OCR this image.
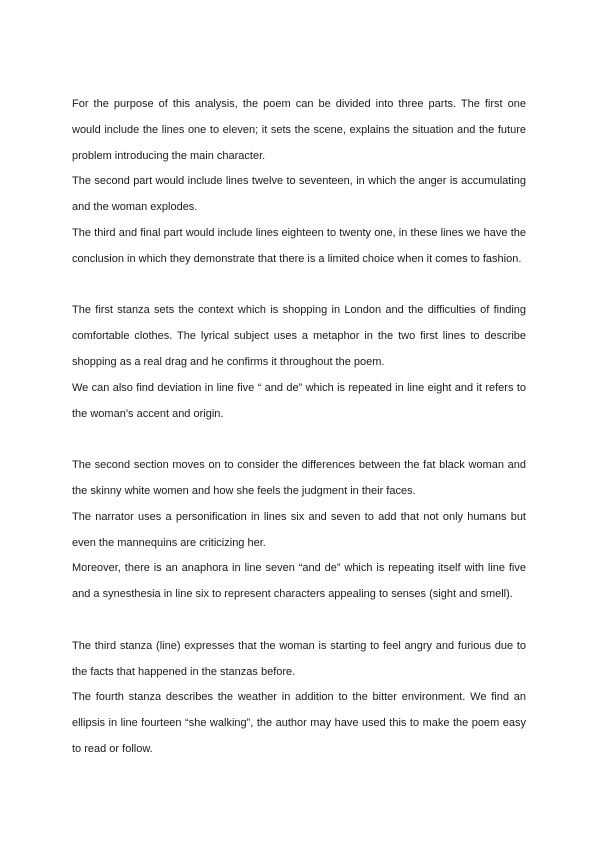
For the purpose of this analysis, the poem can be divided into three parts. The first one would include the lines one to eleven; it sets the scene, explains the situation and the future problem introducing the main character.

The second part would include lines twelve to seventeen, in which the anger is accumulating and the woman explodes.

The third and final part would include lines eighteen to twenty one, in these lines we have the conclusion in which they demonstrate that there is a limited choice when it comes to fashion.

The first stanza sets the context which is shopping in London and the difficulties of finding comfortable clothes. The lyrical subject uses a metaphor in the two first lines to describe shopping as a real drag and he confirms it throughout the poem.

We can also find deviation in line five “ and de” which is repeated in line eight and it refers to the woman’s accent and origin.

The second section moves on to consider the differences between the fat black woman and the skinny white women and how she feels the judgment in their faces.

The narrator uses a personification in lines six and seven to add that not only humans but even the mannequins are criticizing her.

Moreover, there is an anaphora in line seven “and de” which is repeating itself with line five and a synesthesia in line six to represent characters appealing to senses (sight and smell).

The third stanza (line) expresses that the woman is starting to feel angry and furious due to the facts that happened in the stanzas before.

The fourth stanza describes the weather in addition to the bitter environment. We find an ellipsis in line fourteen “she walking”, the author may have used this to make the poem easy to read or follow.
